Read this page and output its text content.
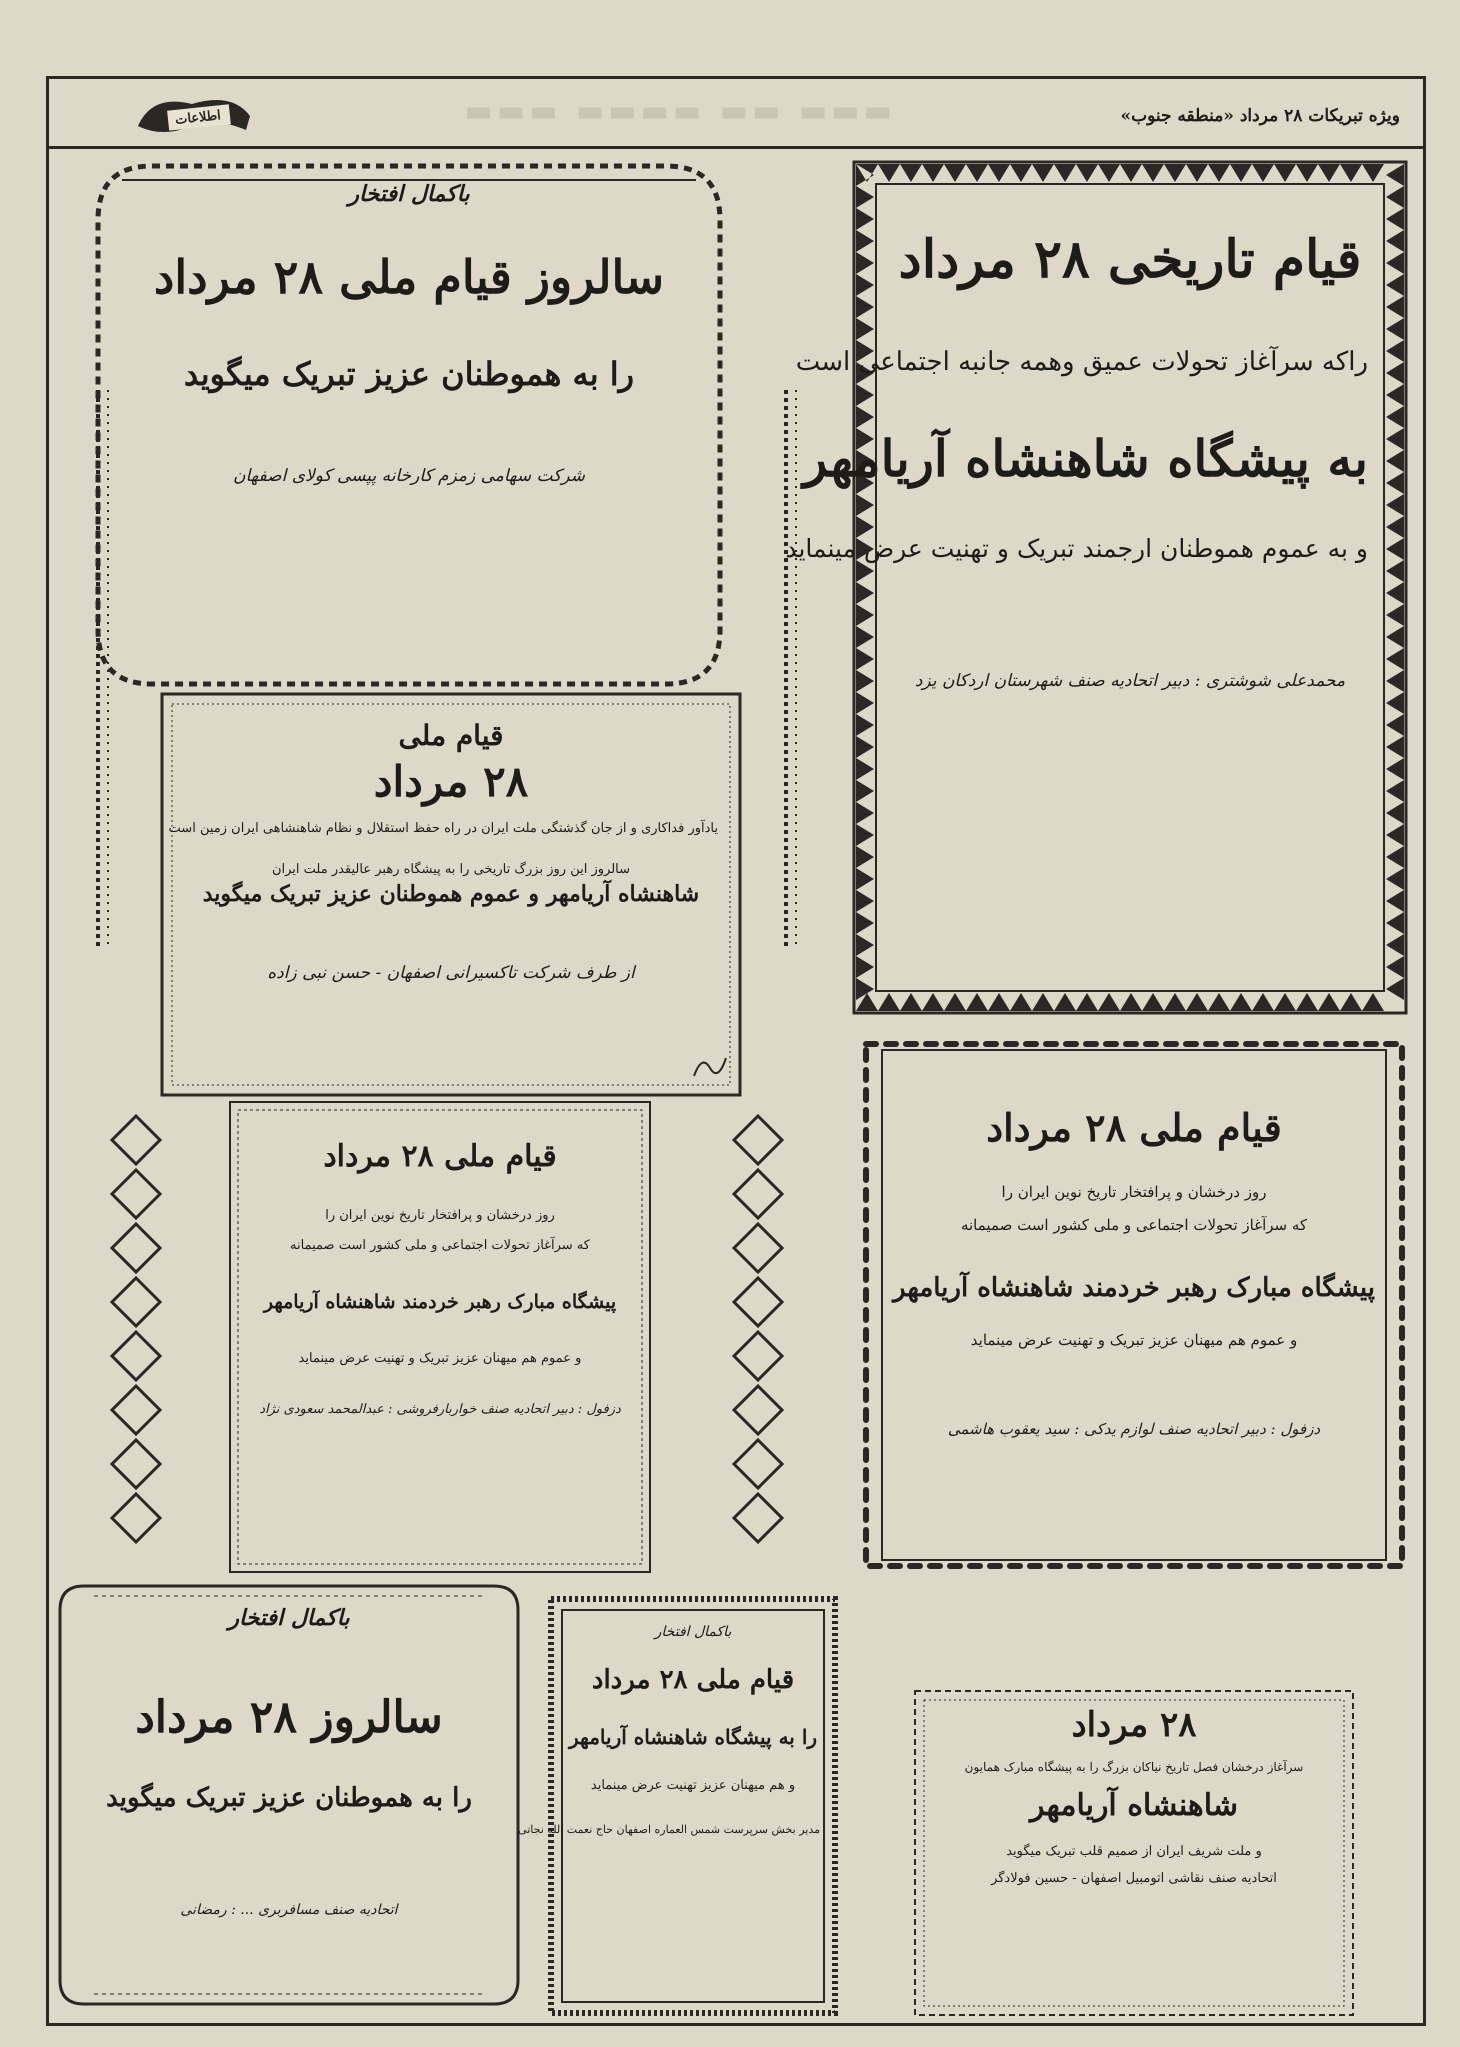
▬▬▬ ▬▬ ▬▬▬▬ ▬▬▬	ویژه تبریکات ۲۸ مرداد «منطقه جنوب»
اطلاعات
قیام تاریخی ۲۸ مرداد
راکه سرآغاز تحولات عمیق وهمه جانبه اجتماعی است
به پیشگاه شاهنشاه آریامهر
و به عموم هموطنان ارجمند تبریک و تهنیت عرض مینماید
محمدعلی شوشتری : دبیر اتحادیه صنف شهرستان اردکان یزد
باکمال افتخار
سالروز قیام ملی ۲۸ مرداد
را به هموطنان عزیز تبریک میگوید
شرکت سهامی زمزم کارخانه پپسی کولای اصفهان
قیام ملی
۲۸ مرداد
یادآور فداکاری و از جان گذشتگی ملت ایران در راه حفظ استقلال و نظام شاهنشاهی ایران زمین است
سالروز این روز بزرگ تاریخی را به پیشگاه رهبر عالیقدر ملت ایران
شاهنشاه آریامهر و عموم هموطنان عزیز تبریک میگوید
از طرف شرکت تاکسیرانی اصفهان - حسن نبی زاده
قیام ملی ۲۸ مرداد
روز درخشان و پرافتخار تاریخ نوین ایران را
که سرآغاز تحولات اجتماعی و ملی کشور است صمیمانه
پیشگاه مبارک رهبر خردمند شاهنشاه آریامهر
و عموم هم میهنان عزیز تبریک و تهنیت عرض مینماید
دزفول : دبیر اتحادیه صنف لوازم یدکی : سید یعقوب هاشمی
قیام ملی ۲۸ مرداد
روز درخشان و پرافتخار تاریخ نوین ایران را
که سرآغاز تحولات اجتماعی و ملی کشور است صمیمانه
پیشگاه مبارک رهبر خردمند شاهنشاه آریامهر
و عموم هم میهنان عزیز تبریک و تهنیت عرض مینماید
دزفول : دبیر اتحادیه صنف خواربارفروشی : عبدالمحمد سعودی نژاد
باکمال افتخار
سالروز ۲۸ مرداد
را به هموطنان عزیز تبریک میگوید
اتحادیه صنف مسافربری ... : رمضانی
باکمال افتخار
قیام ملی ۲۸ مرداد
را به پیشگاه شاهنشاه آریامهر
و هم میهنان عزیز تهنیت عرض مینماید
مدیر بخش سرپرست شمس العماره اصفهان حاج نعمت الله نجاتی
۲۸ مرداد
سرآغاز درخشان فصل تاریخ نیاکان بزرگ را به پیشگاه مبارک همایون
شاهنشاه آریامهر
و ملت شریف ایران از صمیم قلب تبریک میگوید
اتحادیه صنف نقاشی اتومبیل اصفهان - حسین فولادگر
